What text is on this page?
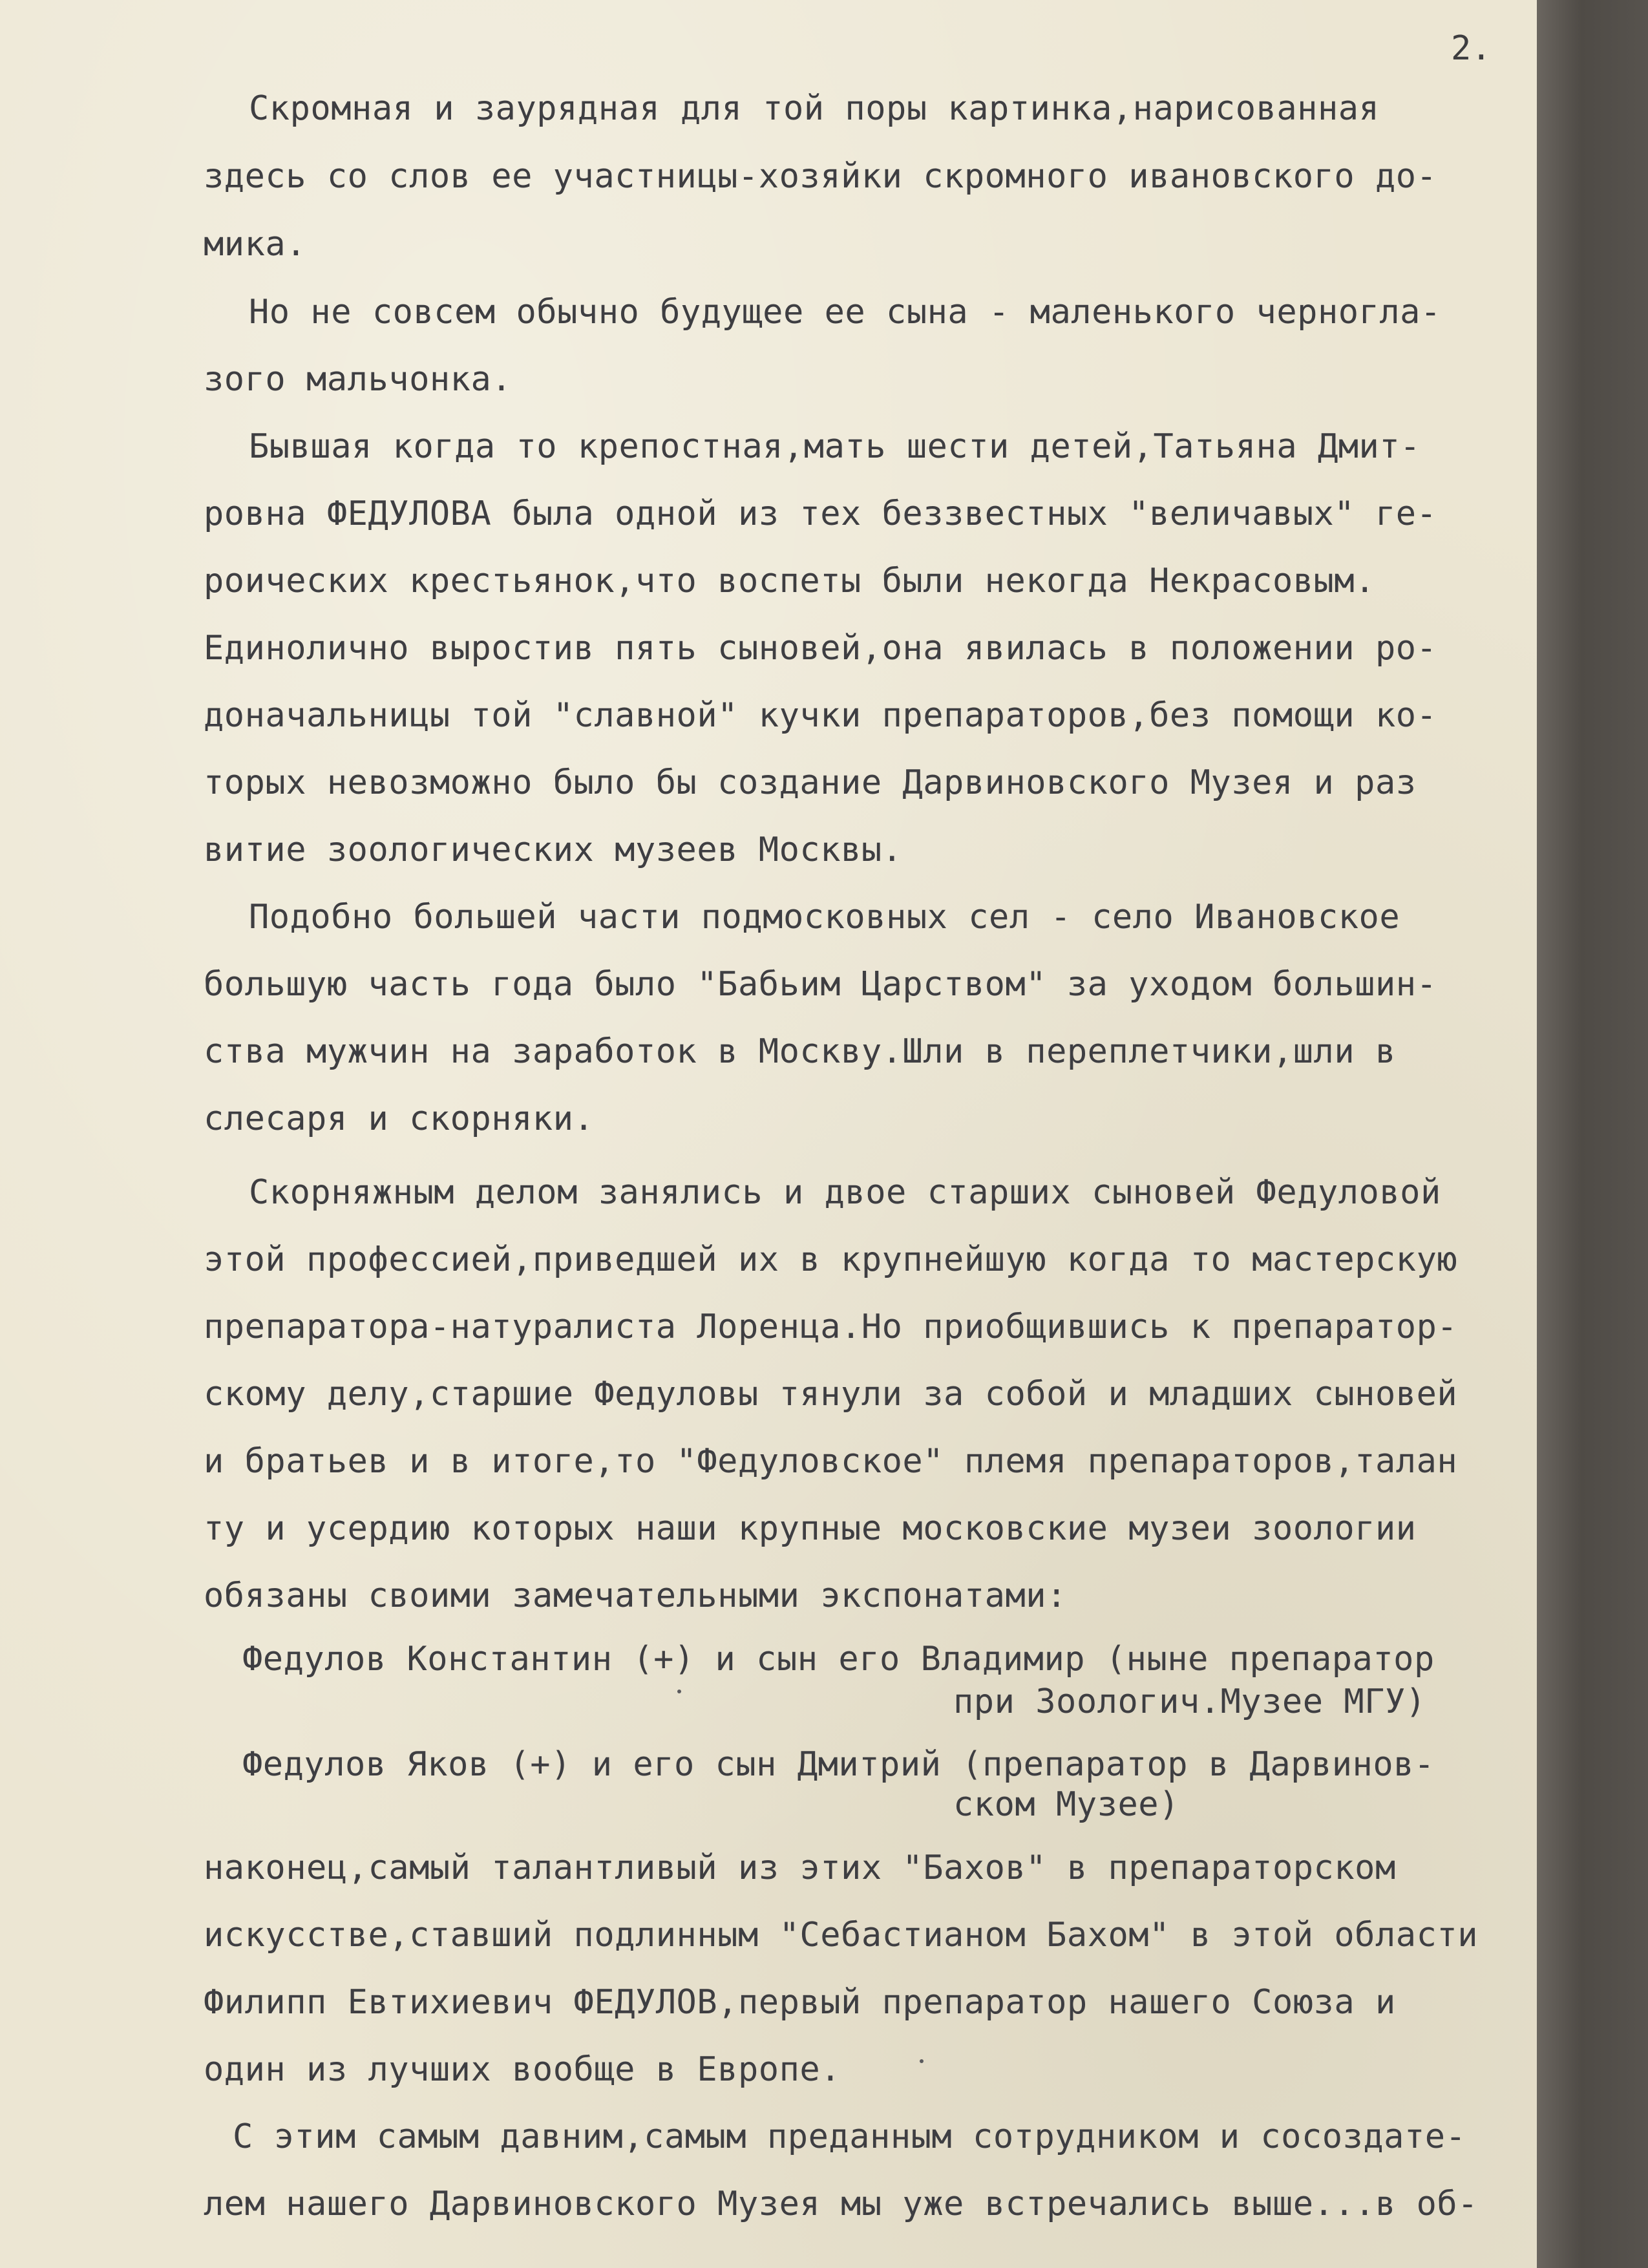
2.
Скромная и заурядная для той поры картинка,нарисованная
здесь со слов ее участницы-хозяйки скромного ивановского до-
мика.
Но не совсем обычно будущее ее сына - маленького черногла-
зого мальчонка.
Бывшая когда то крепостная,мать шести детей,Татьяна Дмит-
ровна ФЕДУЛОВА была одной из тех беззвестных "величавых" ге-
роических крестьянок,что воспеты были некогда Некрасовым.
Единолично выростив пять сыновей,она явилась в положении ро-
доначальницы той "славной" кучки препараторов,без помощи ко-
торых невозможно было бы создание Дарвиновского Музея и раз
витие зоологических музеев Москвы.
Подобно большей части подмосковных сел - село Ивановское
большую часть года было "Бабьим Царством" за уходом большин-
ства мужчин на заработок в Москву.Шли в переплетчики,шли в
слесаря и скорняки.
Скорняжным делом занялись и двое старших сыновей Федуловой
этой профессией,приведшей их в крупнейшую когда то мастерскую
препаратора-натуралиста Лоренца.Но приобщившись к препаратор-
скому делу,старшие Федуловы тянули за собой и младших сыновей
и братьев и в итоге,то "Федуловское" племя препараторов,талан
ту и усердию которых наши крупные московские музеи зоологии
обязаны своими замечательными экспонатами:
Федулов Константин (+) и сын его Владимир (ныне препаратор
при Зоологич.Музее МГУ)
Федулов Яков (+) и его сын Дмитрий (препаратор в Дарвинов-
ском Музее)
наконец,самый талантливый из этих "Бахов" в препараторском
искусстве,ставший подлинным "Себастианом Бахом" в этой области
Филипп Евтихиевич ФЕДУЛОВ,первый препаратор нашего Союза и
один из лучших вообще в Европе.
С этим самым давним,самым преданным сотрудником и сосоздате-
лем нашего Дарвиновского Музея мы уже встречались выше...в об-
